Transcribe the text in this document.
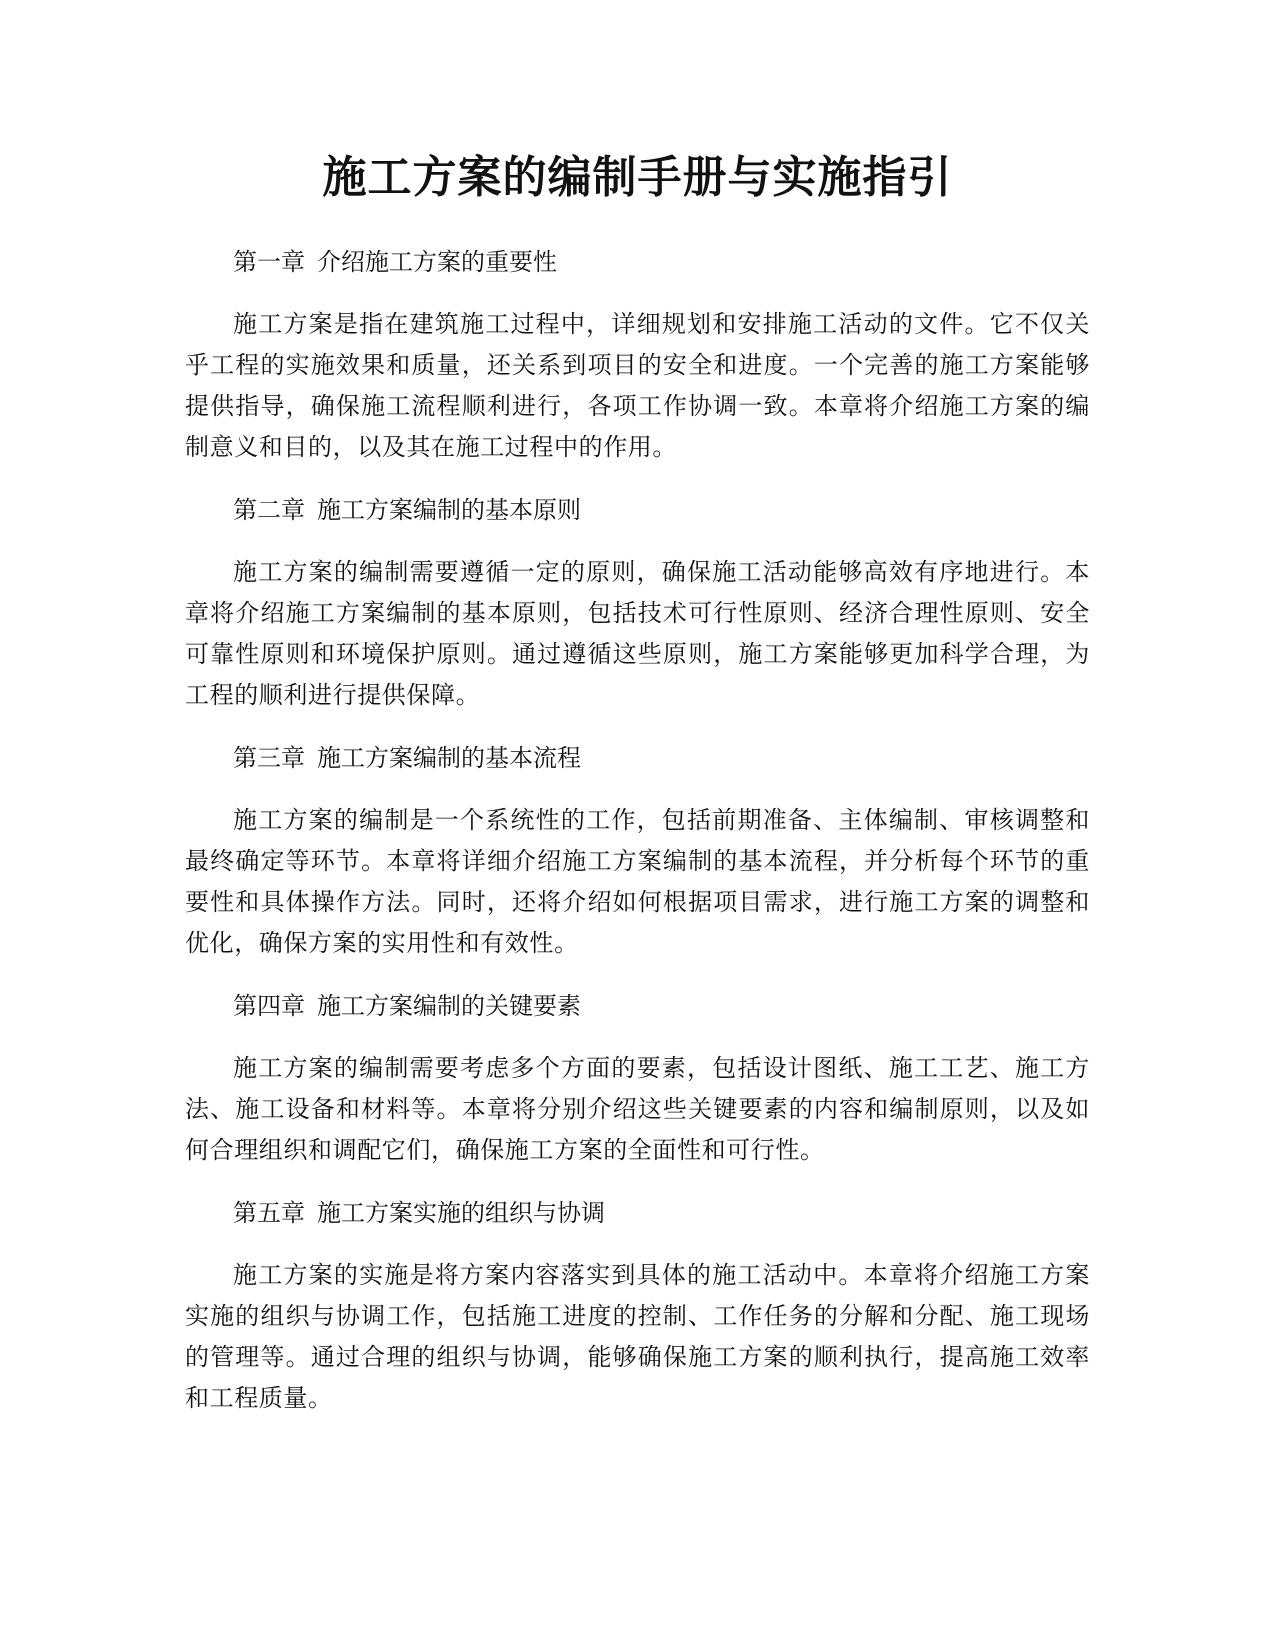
施工方案的编制手册与实施指引

第一章 介绍施工方案的重要性

施工方案是指在建筑施工过程中，详细规划和安排施工活动的文件。它不仅关乎工程的实施效果和质量，还关系到项目的安全和进度。一个完善的施工方案能够提供指导，确保施工流程顺利进行，各项工作协调一致。本章将介绍施工方案的编制意义和目的，以及其在施工过程中的作用。

第二章 施工方案编制的基本原则

施工方案的编制需要遵循一定的原则，确保施工活动能够高效有序地进行。本章将介绍施工方案编制的基本原则，包括技术可行性原则、经济合理性原则、安全可靠性原则和环境保护原则。通过遵循这些原则，施工方案能够更加科学合理，为工程的顺利进行提供保障。

第三章 施工方案编制的基本流程

施工方案的编制是一个系统性的工作，包括前期准备、主体编制、审核调整和最终确定等环节。本章将详细介绍施工方案编制的基本流程，并分析每个环节的重要性和具体操作方法。同时，还将介绍如何根据项目需求，进行施工方案的调整和优化，确保方案的实用性和有效性。

第四章 施工方案编制的关键要素

施工方案的编制需要考虑多个方面的要素，包括设计图纸、施工工艺、施工方法、施工设备和材料等。本章将分别介绍这些关键要素的内容和编制原则，以及如何合理组织和调配它们，确保施工方案的全面性和可行性。

第五章 施工方案实施的组织与协调

施工方案的实施是将方案内容落实到具体的施工活动中。本章将介绍施工方案实施的组织与协调工作，包括施工进度的控制、工作任务的分解和分配、施工现场的管理等。通过合理的组织与协调，能够确保施工方案的顺利执行，提高施工效率和工程质量。
